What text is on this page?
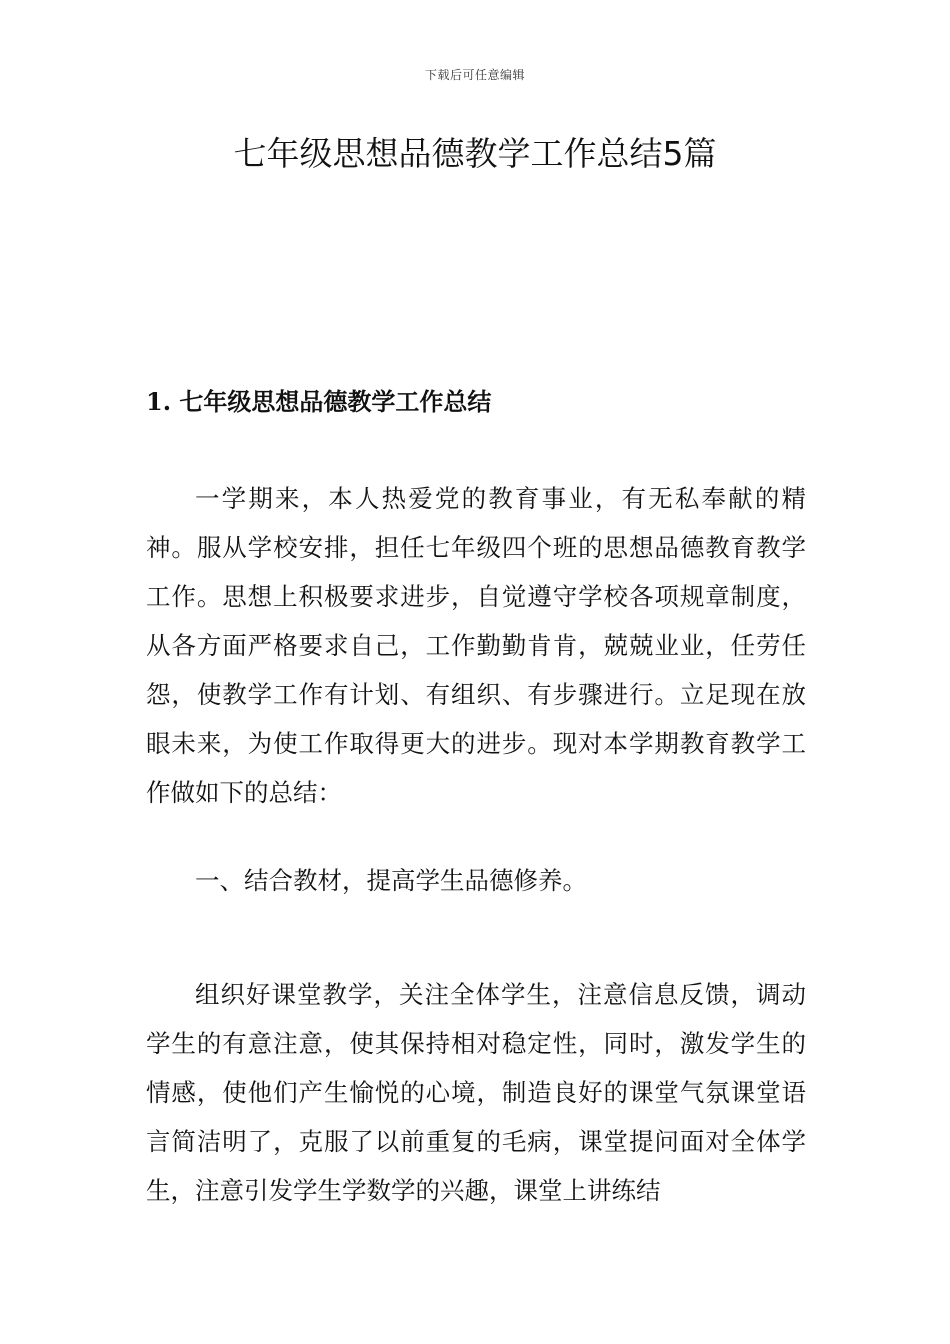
下载后可任意编辑
七年级思想品德教学工作总结5篇
1. 七年级思想品德教学工作总结

一学期来，本人热爱党的教育事业，有无私奉献的精神。服从学校安排，担任七年级四个班的思想品德教育教学工作。思想上积极要求进步，自觉遵守学校各项规章制度，从各方面严格要求自己，工作勤勤肯肯，兢兢业业，任劳任怨，使教学工作有计划、有组织、有步骤进行。立足现在放眼未来，为使工作取得更大的进步。现对本学期教育教学工作做如下的总结：

一、结合教材，提高学生品德修养。

组织好课堂教学，关注全体学生，注意信息反馈，调动学生的有意注意，使其保持相对稳定性，同时，激发学生的情感，使他们产生愉悦的心境，制造良好的课堂气氛课堂语言简洁明了，克服了以前重复的毛病，课堂提问面对全体学生，注意引发学生学数学的兴趣，课堂上讲练结
